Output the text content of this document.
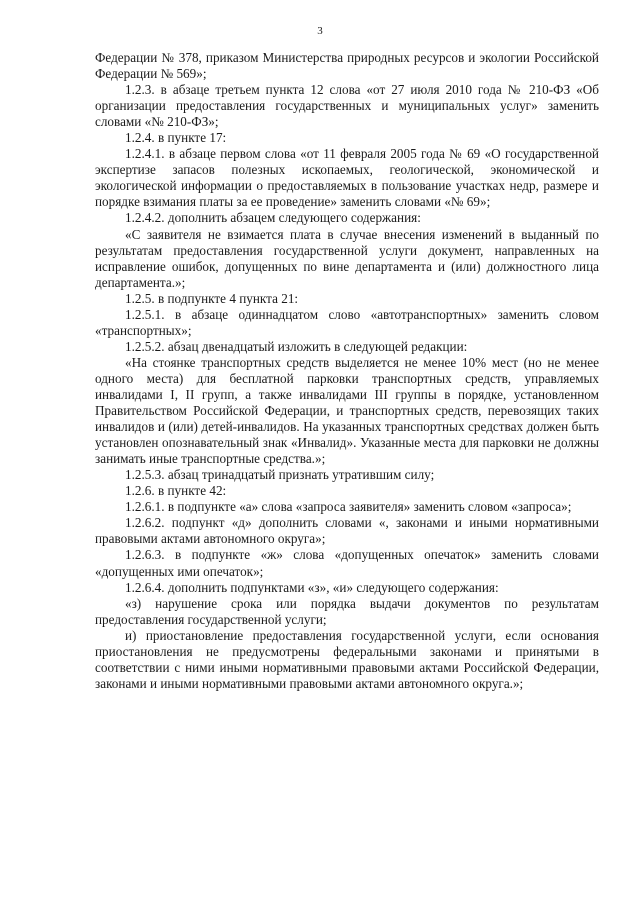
3

Федерации № 378, приказом Министерства природных ресурсов и экологии Российской Федерации № 569»;

1.2.3. в абзаце третьем пункта 12 слова «от 27 июля 2010 года № 210-ФЗ «Об организации предоставления государственных и муниципальных услуг» заменить словами «№ 210-ФЗ»;

1.2.4. в пункте 17:

1.2.4.1. в абзаце первом слова «от 11 февраля 2005 года № 69 «О государственной экспертизе запасов полезных ископаемых, геологической, экономической и экологической информации о предоставляемых в пользование участках недр, размере и порядке взимания платы за ее проведение» заменить словами «№ 69»;

1.2.4.2. дополнить абзацем следующего содержания:

«С заявителя не взимается плата в случае внесения изменений в выданный по результатам предоставления государственной услуги документ, направленных на исправление ошибок, допущенных по вине департамента и (или) должностного лица департамента.»;

1.2.5. в подпункте 4 пункта 21:

1.2.5.1. в абзаце одиннадцатом слово «автотранспортных» заменить словом «транспортных»;

1.2.5.2. абзац двенадцатый изложить в следующей редакции:

«На стоянке транспортных средств выделяется не менее 10% мест (но не менее одного места) для бесплатной парковки транспортных средств, управляемых инвалидами I, II групп, а также инвалидами III группы в порядке, установленном Правительством Российской Федерации, и транспортных средств, перевозящих таких инвалидов и (или) детей-инвалидов. На указанных транспортных средствах должен быть установлен опознавательный знак «Инвалид». Указанные места для парковки не должны занимать иные транспортные средства.»;

1.2.5.3. абзац тринадцатый признать утратившим силу;

1.2.6. в пункте 42:

1.2.6.1. в подпункте «а» слова «запроса заявителя» заменить словом «запроса»;

1.2.6.2. подпункт «д» дополнить словами «, законами и иными нормативными правовыми актами автономного округа»;

1.2.6.3. в подпункте «ж» слова «допущенных опечаток» заменить словами «допущенных ими опечаток»;

1.2.6.4. дополнить подпунктами «з», «и» следующего содержания:

«з) нарушение срока или порядка выдачи документов по результатам предоставления государственной услуги;

и) приостановление предоставления государственной услуги, если основания приостановления не предусмотрены федеральными законами и принятыми в соответствии с ними иными нормативными правовыми актами Российской Федерации, законами и иными нормативными правовыми актами автономного округа.»;
